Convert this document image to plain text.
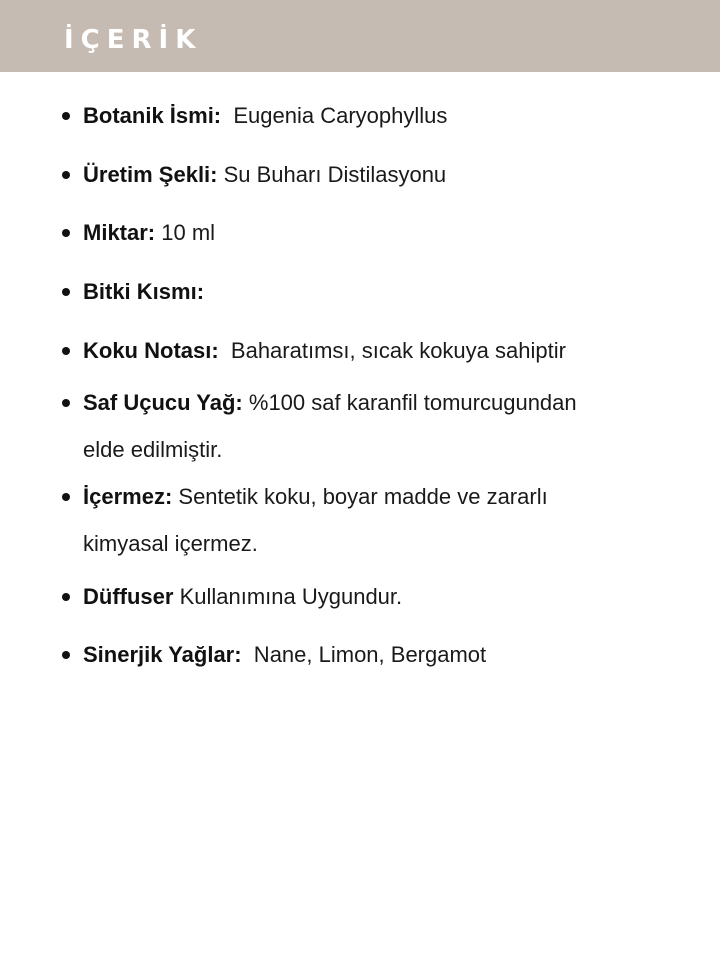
İÇERİK
Botanik İsmi:  Eugenia Caryophyllus
Üretim Şekli: Su Buharı Distilasyonu
Miktar: 10 ml
Bitki Kısmı:
Koku Notası:  Baharatımsı, sıcak kokuya sahiptir
Saf Uçucu Yağ: %100 saf karanfil tomurcugundan
elde edilmiştir.
İçermez: Sentetik koku, boyar madde ve zararlı
kimyasal içermez.
Düffuser Kullanımına Uygundur.
Sinerjik Yağlar:  Nane, Limon, Bergamot
